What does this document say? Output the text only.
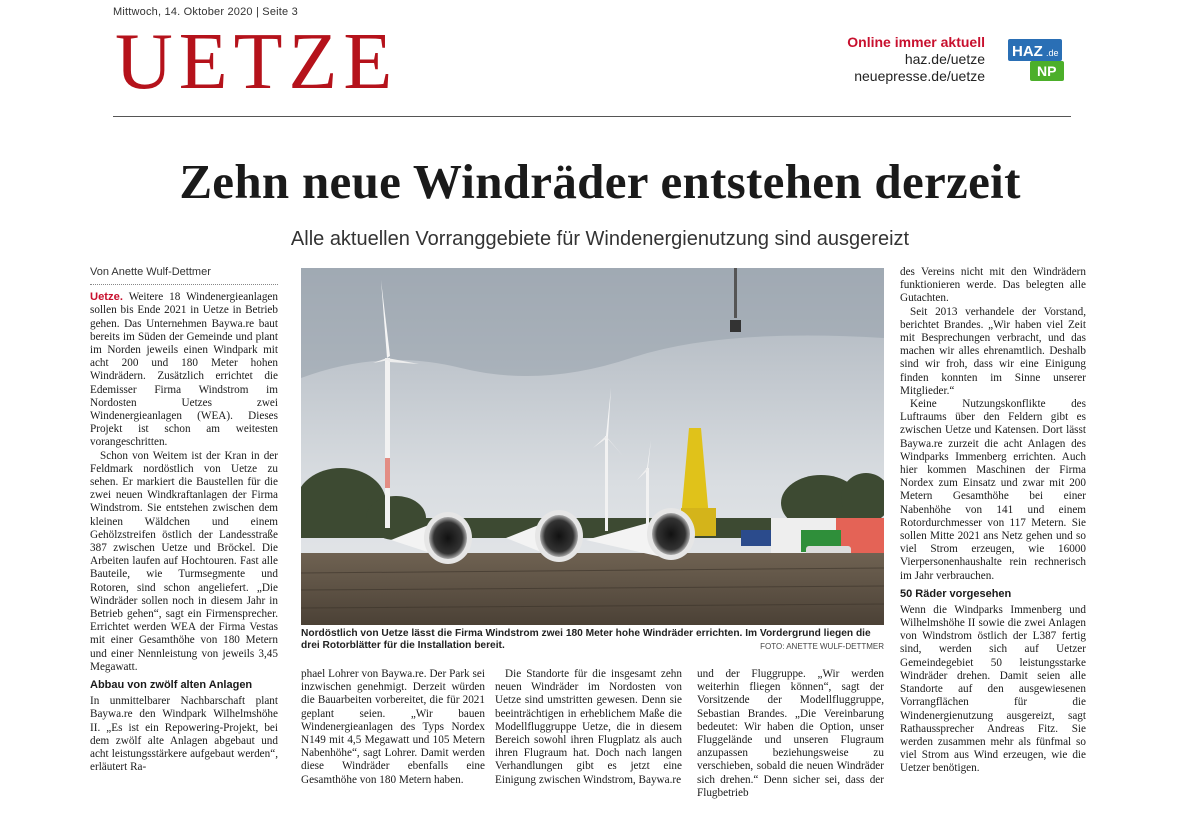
Mittwoch, 14. Oktober 2020 | Seite 3
UETZE	Online immer aktuell
haz.de/uetze
neuepresse.de/uetze
HAZ .de
NP
Zehn neue Windräder entstehen derzeit
Alle aktuellen Vorranggebiete für Windenergienutzung sind ausgereizt
Von Anette Wulf-Dettmer

Uetze. Weitere 18 Windenergieanlagen sollen bis Ende 2021 in Uetze in Betrieb gehen. Das Unternehmen Baywa.re baut bereits im Süden der Gemeinde und plant im Norden jeweils einen Windpark mit acht 200 und 180 Meter hohen Windrädern. Zusätzlich errichtet die Edemisser Firma Windstrom im Nordosten Uetzes zwei Windenergieanlagen (WEA). Dieses Projekt ist schon am weitesten vorangeschritten.

Schon von Weitem ist der Kran in der Feldmark nordöstlich von Uetze zu sehen. Er markiert die Baustellen für die zwei neuen Windkraftanlagen der Firma Windstrom. Sie entstehen zwischen dem kleinen Wäldchen und einem Gehölzstreifen östlich der Landesstraße 387 zwischen Uetze und Bröckel. Die Arbeiten laufen auf Hochtouren. Fast alle Bauteile, wie Turmsegmente und Rotoren, sind schon angeliefert. „Die Windräder sollen noch in diesem Jahr in Betrieb gehen“, sagt ein Firmensprecher. Errichtet werden WEA der Firma Vestas mit einer Gesamthöhe von 180 Metern und einer Nennleistung von jeweils 3,45 Megawatt.

Abbau von zwölf alten Anlagen

In unmittelbarer Nachbarschaft plant Baywa.re den Windpark Wilhelmshöhe II. „Es ist ein Repowering-Projekt, bei dem zwölf alte Anlagen abgebaut und acht leistungsstärkere aufgebaut werden“, erläutert Ra-

Nordöstlich von Uetze lässt die Firma Windstrom zwei 180 Meter hohe Windräder errichten. Im Vordergrund liegen die drei Rotorblätter für die Installation bereit.	FOTO: ANETTE WULF-DETTMER

phael Lohrer von Baywa.re. Der Park sei inzwischen genehmigt. Derzeit würden die Bauarbeiten vorbereitet, die für 2021 geplant seien. „Wir bauen Windenergieanlagen des Typs Nordex N149 mit 4,5 Megawatt und 105 Metern Nabenhöhe“, sagt Lohrer. Damit werden diese Windräder ebenfalls eine Gesamthöhe von 180 Metern haben.

Die Standorte für die insgesamt zehn neuen Windräder im Nordosten von Uetze sind umstritten gewesen. Denn sie beeinträchtigen in erheblichem Maße die Modellfluggruppe Uetze, die in diesem Bereich sowohl ihren Flugplatz als auch ihren Flugraum hat. Doch nach langen Verhandlungen gibt es jetzt eine Einigung zwischen Windstrom, Baywa.re

und der Fluggruppe. „Wir werden weiterhin fliegen können“, sagt der Vorsitzende der Modellfluggruppe, Sebastian Brandes. „Die Vereinbarung bedeutet: Wir haben die Option, unser Fluggelände und unseren Flugraum anzupassen beziehungsweise zu verschieben, sobald die neuen Windräder sich drehen.“ Denn sicher sei, dass der Flugbetrieb

des Vereins nicht mit den Windrädern funktionieren werde. Das belegten alle Gutachten.

Seit 2013 verhandele der Vorstand, berichtet Brandes. „Wir haben viel Zeit mit Besprechungen verbracht, und das machen wir alles ehrenamtlich. Deshalb sind wir froh, dass wir eine Einigung finden konnten im Sinne unserer Mitglieder.“

Keine Nutzungskonflikte des Luftraums über den Feldern gibt es zwischen Uetze und Katensen. Dort lässt Baywa.re zurzeit die acht Anlagen des Windparks Immenberg errichten. Auch hier kommen Maschinen der Firma Nordex zum Einsatz und zwar mit 200 Metern Gesamthöhe bei einer Nabenhöhe von 141 und einem Rotordurchmesser von 117 Metern. Sie sollen Mitte 2021 ans Netz gehen und so viel Strom erzeugen, wie 16000 Vierpersonenhaushalte rein rechnerisch im Jahr verbrauchen.

50 Räder vorgesehen

Wenn die Windparks Immenberg und Wilhelmshöhe II sowie die zwei Anlagen von Windstrom östlich der L387 fertig sind, werden sich auf Uetzer Gemeindegebiet 50 leistungsstarke Windräder drehen. Damit seien alle Standorte auf den ausgewiesenen Vorrangflächen für die Windenergienutzung ausgereizt, sagt Rathaussprecher Andreas Fitz. Sie werden zusammen mehr als fünfmal so viel Strom aus Wind erzeugen, wie die Uetzer benötigen.
